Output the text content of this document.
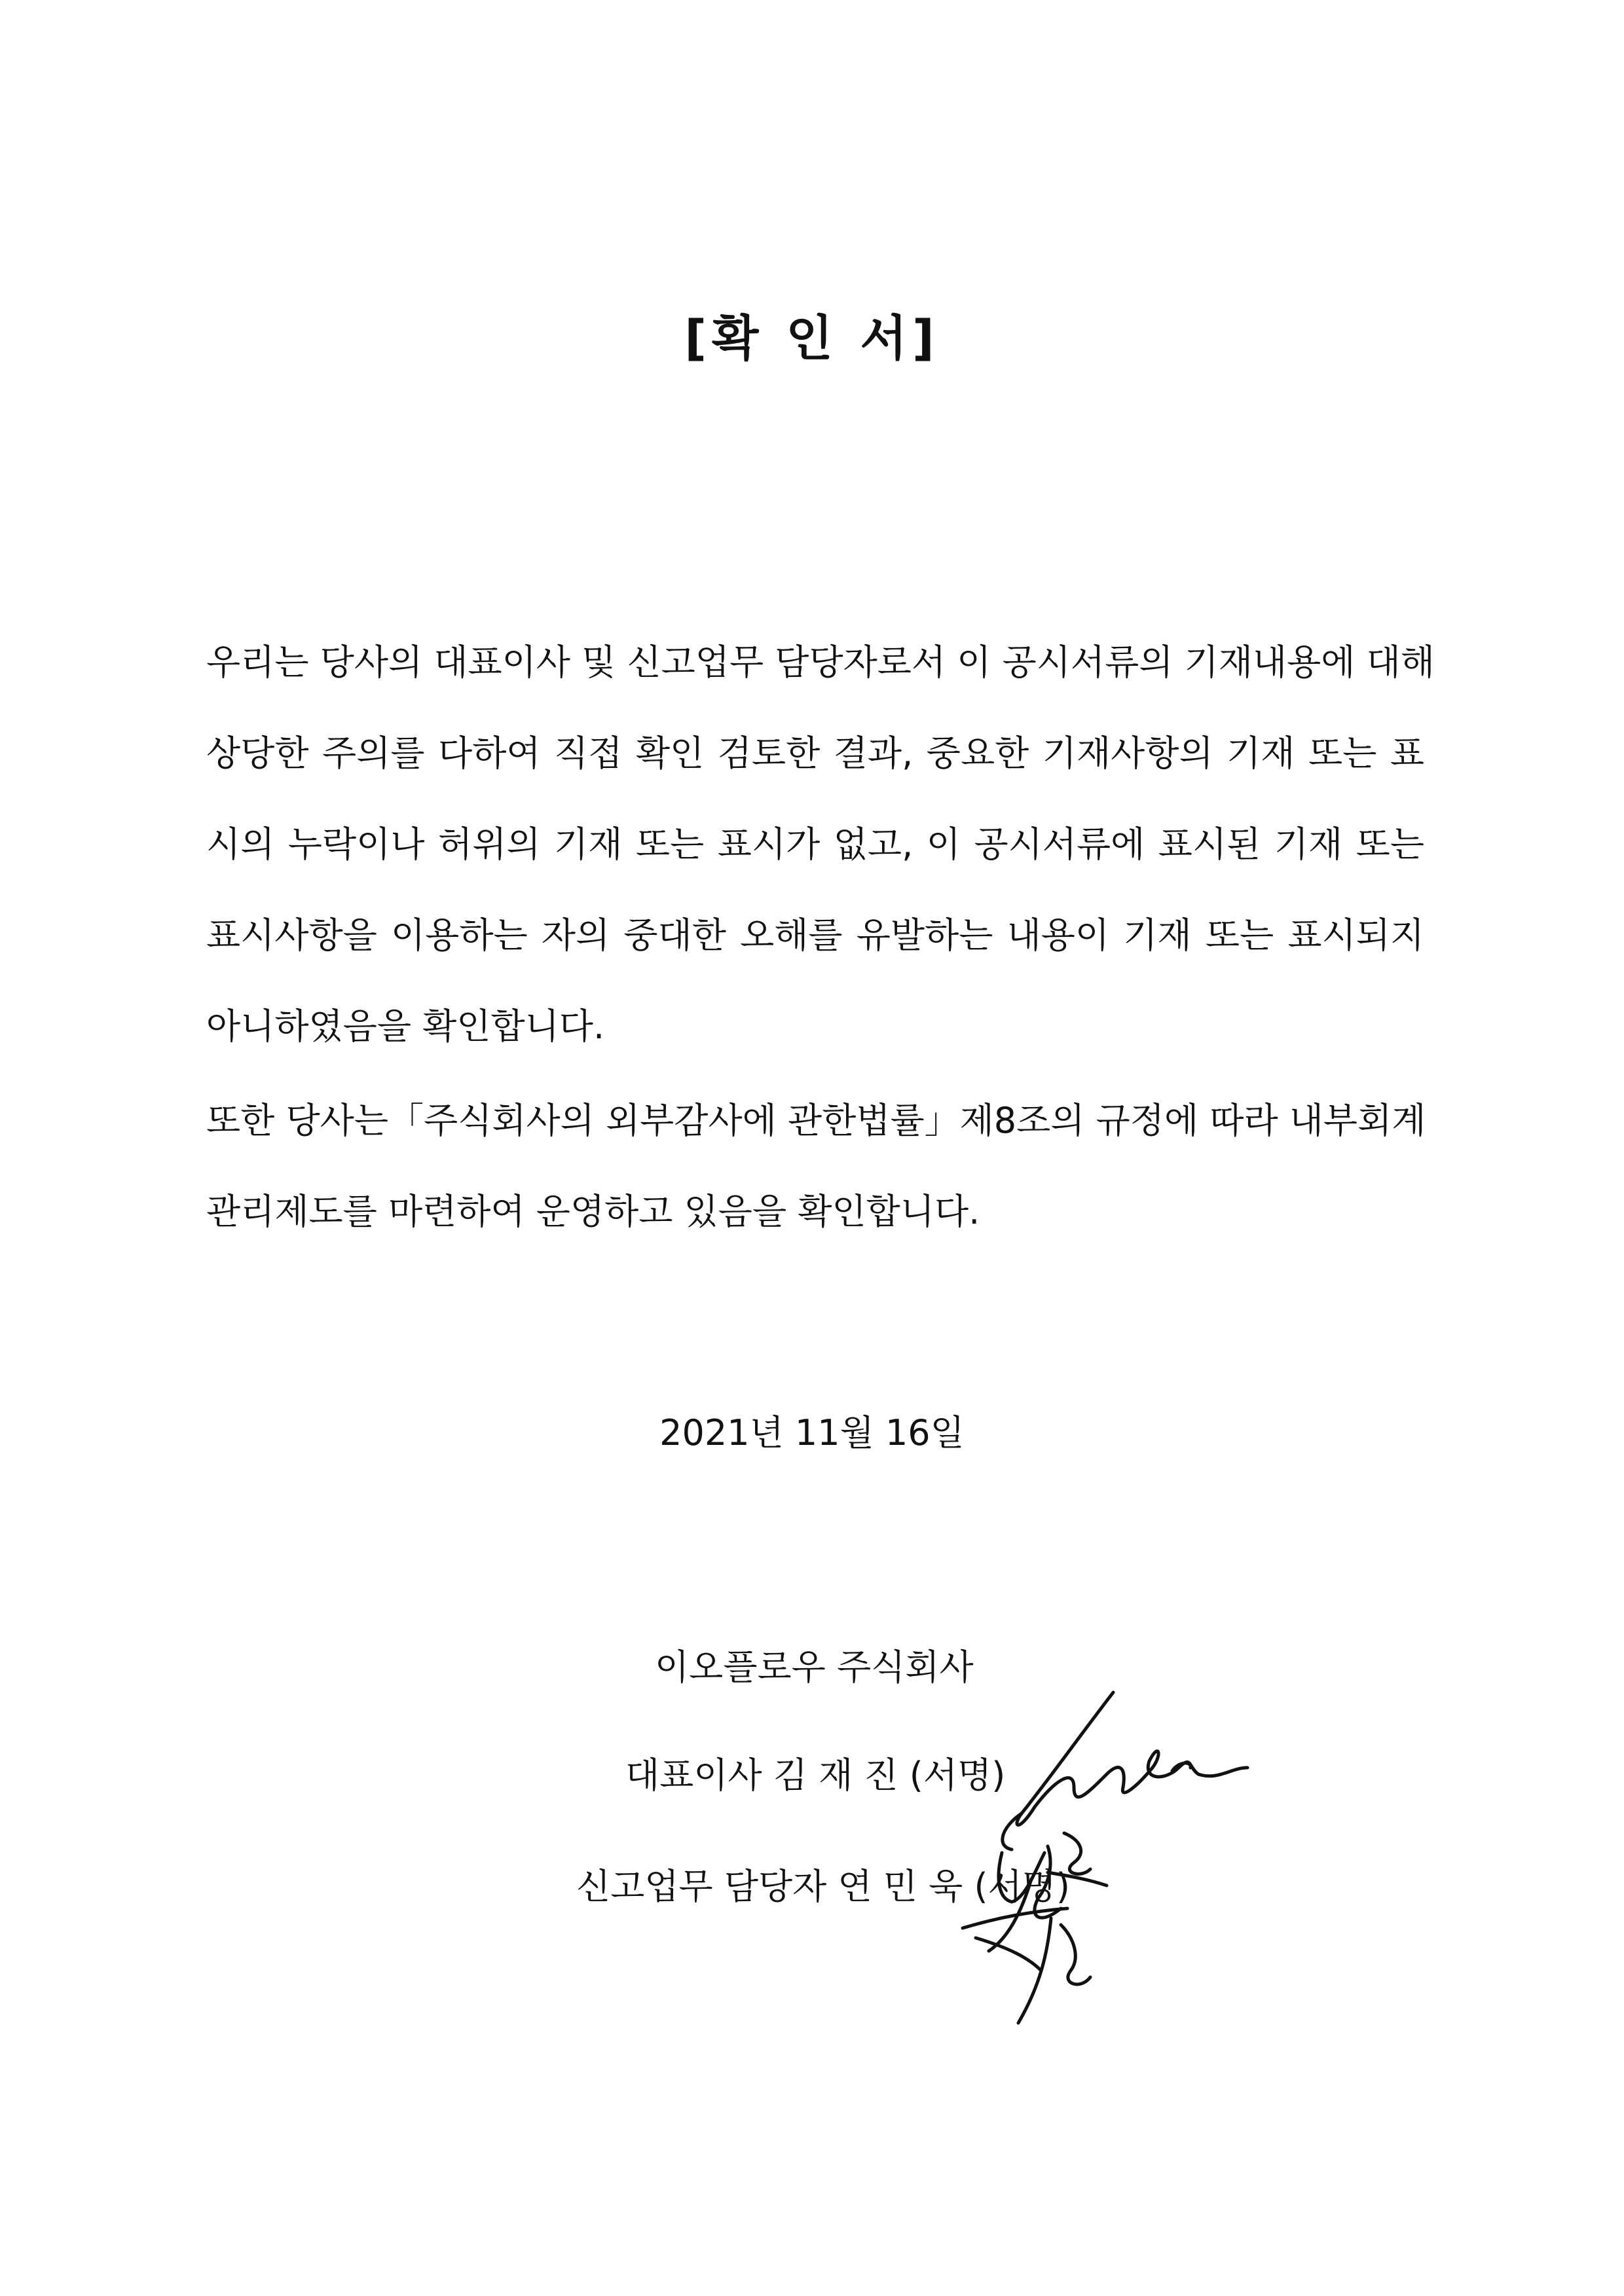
[확 인 서]
우리는 당사의 대표이사 및 신고업무 담당자로서 이 공시서류의 기재내용에 대해
상당한 주의를 다하여 직접 확인 검토한 결과, 중요한 기재사항의 기재 또는 표
시의 누락이나 허위의 기재 또는 표시가 없고, 이 공시서류에 표시된 기재 또는
표시사항을 이용하는 자의 중대한 오해를 유발하는 내용이 기재 또는 표시되지
아니하였음을 확인합니다.
또한 당사는「주식회사의 외부감사에 관한법률」제8조의 규정에 따라 내부회계
관리제도를 마련하여 운영하고 있음을 확인합니다.
2021년 11월 16일
이오플로우 주식회사
대표이사 김 재 진 (서명)
신고업무 담당자 연 민 욱 (서명)
